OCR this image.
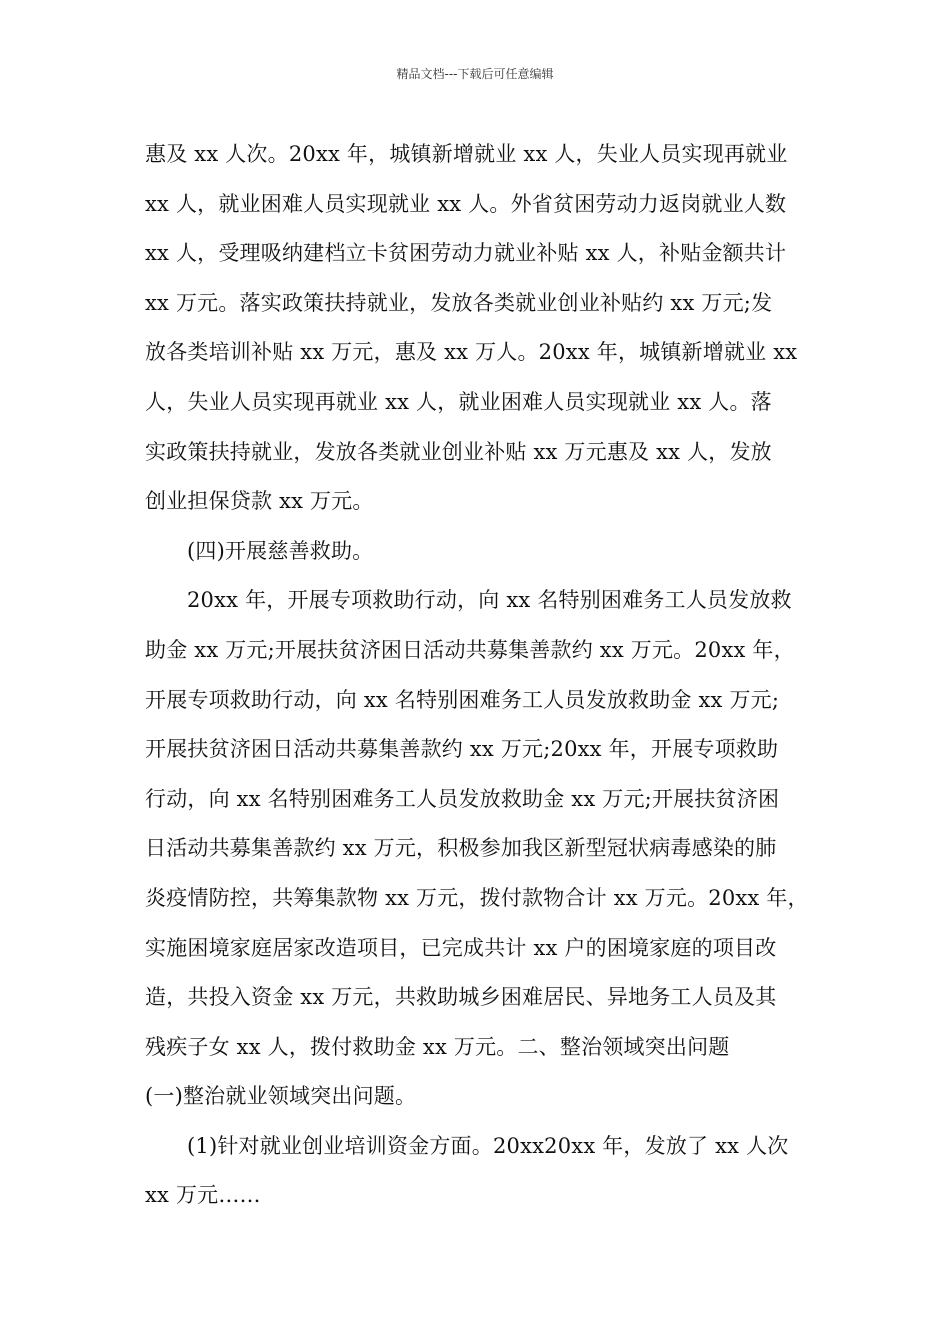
精品文档---下载后可任意编辑
惠及 xx 人次。20xx 年，城镇新增就业 xx 人，失业人员实现再就业
xx 人，就业困难人员实现就业 xx 人。外省贫困劳动力返岗就业人数
xx 人，受理吸纳建档立卡贫困劳动力就业补贴 xx 人，补贴金额共计
xx 万元。落实政策扶持就业，发放各类就业创业补贴约 xx 万元;发
放各类培训补贴 xx 万元，惠及 xx 万人。20xx 年，城镇新增就业 xx
人，失业人员实现再就业 xx 人，就业困难人员实现就业 xx 人。落
实政策扶持就业，发放各类就业创业补贴 xx 万元惠及 xx 人，发放
创业担保贷款 xx 万元。
(四)开展慈善救助。
20xx 年，开展专项救助行动，向 xx 名特别困难务工人员发放救
助金 xx 万元;开展扶贫济困日活动共募集善款约 xx 万元。20xx 年，
开展专项救助行动，向 xx 名特别困难务工人员发放救助金 xx 万元;
开展扶贫济困日活动共募集善款约 xx 万元;20xx 年，开展专项救助
行动，向 xx 名特别困难务工人员发放救助金 xx 万元;开展扶贫济困
日活动共募集善款约 xx 万元，积极参加我区新型冠状病毒感染的肺
炎疫情防控，共筹集款物 xx 万元，拨付款物合计 xx 万元。20xx 年，
实施困境家庭居家改造项目，已完成共计 xx 户的困境家庭的项目改
造，共投入资金 xx 万元，共救助城乡困难居民、异地务工人员及其
残疾子女 xx 人，拨付救助金 xx 万元。二、整治领域突出问题
(一)整治就业领域突出问题。
(1)针对就业创业培训资金方面。20xx20xx 年，发放了 xx 人次
xx 万元……
